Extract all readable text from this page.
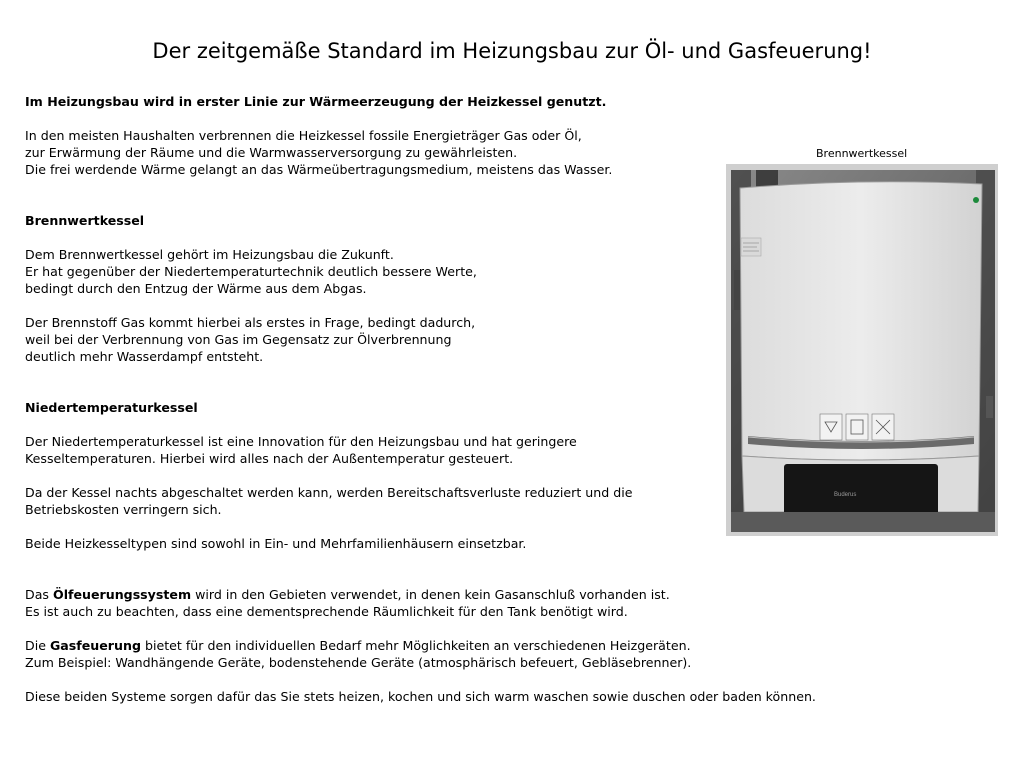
Der zeitgemäße Standard im Heizungsbau zur Öl- und Gasfeuerung!
Im Heizungsbau wird in erster Linie zur Wärmeerzeugung der Heizkessel genutzt.
In den meisten Haushalten verbrennen die Heizkessel fossile Energieträger Gas oder Öl,
zur Erwärmung der Räume und die Warmwasserversorgung zu gewährleisten.
Die frei werdende Wärme gelangt an das Wärmeübertragungsmedium, meistens das Wasser.
Brennwertkessel
Dem Brennwertkessel gehört im Heizungsbau die Zukunft.
Er hat gegenüber der Niedertemperaturtechnik deutlich bessere Werte,
bedingt durch den Entzug der Wärme aus dem Abgas.
Der Brennstoff Gas kommt hierbei als erstes in Frage, bedingt dadurch,
weil bei der Verbrennung von Gas im Gegensatz zur Ölverbrennung
deutlich mehr Wasserdampf entsteht.
Niedertemperaturkessel
Der Niedertemperaturkessel ist eine Innovation für den Heizungsbau und hat geringere
Kesseltemperaturen. Hierbei wird alles nach der Außentemperatur gesteuert.
Da der Kessel nachts abgeschaltet werden kann, werden Bereitschaftsverluste reduziert und die
Betriebskosten verringern sich.
Beide Heizkesseltypen sind sowohl in Ein- und Mehrfamilienhäusern einsetzbar.
Das Ölfeuerungssystem wird in den Gebieten verwendet, in denen kein Gasanschluß vorhanden ist.
Es ist auch zu beachten, dass eine dementsprechende Räumlichkeit für den Tank benötigt wird.
Die Gasfeuerung bietet für den individuellen Bedarf mehr Möglichkeiten an verschiedenen Heizgeräten.
Zum Beispiel: Wandhängende Geräte, bodenstehende Geräte (atmosphärisch befeuert, Gebläsebrenner).
Diese beiden Systeme sorgen dafür das Sie stets heizen, kochen und sich warm waschen sowie duschen oder baden können.
Brennwertkessel
Buderus
